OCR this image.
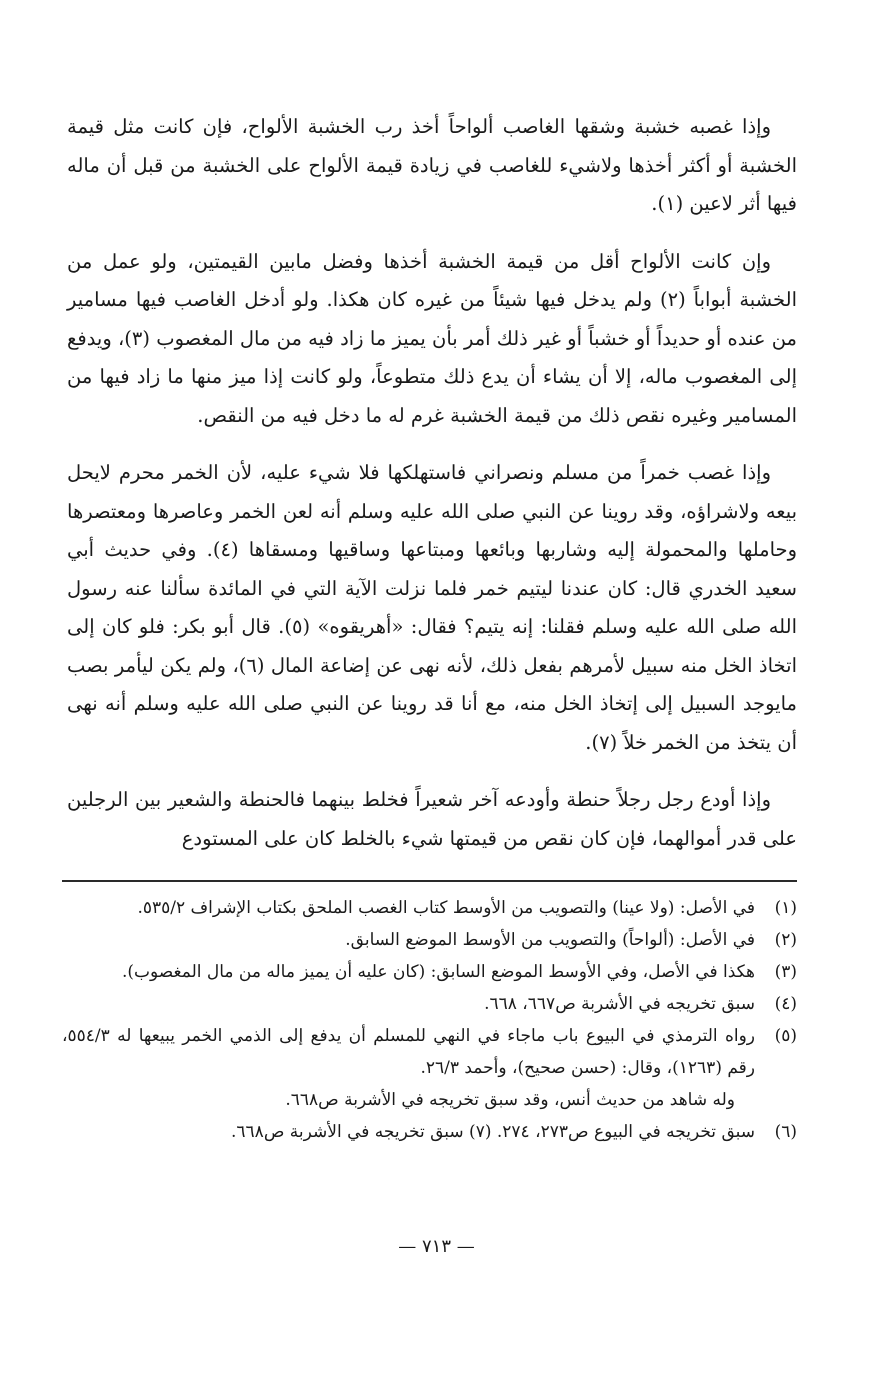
وإذا غصبه خشبة وشقها الغاصب ألواحاً أخذ رب الخشبة الألواح، فإن كانت مثل قيمة الخشبة أو أكثر أخذها ولاشيء للغاصب في زيادة قيمة الألواح على الخشبة من قبل أن ماله فيها أثر لاعين (١).

وإن كانت الألواح أقل من قيمة الخشبة أخذها وفضل مابين القيمتين، ولو عمل من الخشبة أبواباً (٢) ولم يدخل فيها شيئاً من غيره كان هكذا. ولو أدخل الغاصب فيها مسامير من عنده أو حديداً أو خشباً أو غير ذلك أمر بأن يميز ما زاد فيه من مال المغصوب (٣)، ويدفع إلى المغصوب ماله، إلا أن يشاء أن يدع ذلك متطوعاً، ولو كانت إذا ميز منها ما زاد فيها من المسامير وغيره نقص ذلك من قيمة الخشبة غرم له ما دخل فيه من النقص.

وإذا غصب خمراً من مسلم ونصراني فاستهلكها فلا شيء عليه، لأن الخمر محرم لايحل بيعه ولاشراؤه، وقد روينا عن النبي صلى الله عليه وسلم أنه لعن الخمر وعاصرها ومعتصرها وحاملها والمحمولة إليه وشاربها وبائعها ومبتاعها وساقيها ومسقاها (٤). وفي حديث أبي سعيد الخدري قال: كان عندنا ليتيم خمر فلما نزلت الآية التي في المائدة سألنا عنه رسول الله صلى الله عليه وسلم فقلنا: إنه يتيم؟ فقال: «أهريقوه» (٥). قال أبو بكر: فلو كان إلى اتخاذ الخل منه سبيل لأمرهم بفعل ذلك، لأنه نهى عن إضاعة المال (٦)، ولم يكن ليأمر بصب مايوجد السبيل إلى إتخاذ الخل منه، مع أنا قد روينا عن النبي صلى الله عليه وسلم أنه نهى أن يتخذ من الخمر خلاً (٧).

وإذا أودع رجل رجلاً حنطة وأودعه آخر شعيراً فخلط بينهما فالحنطة والشعير بين الرجلين على قدر أموالهما، فإن كان نقص من قيمتها شيء بالخلط كان على المستودع

(١)
في الأصل: (ولا عينا) والتصويب من الأوسط كتاب الغصب الملحق بكتاب الإشراف ٥٣٥/٢.
(٢)
في الأصل: (ألواحاً) والتصويب من الأوسط الموضع السابق.
(٣)
هكذا في الأصل، وفي الأوسط الموضع السابق: (كان عليه أن يميز ماله من مال المغصوب).
(٤)
سبق تخريجه في الأشربة ص٦٦٧، ٦٦٨.
(٥)
رواه الترمذي في البيوع باب ماجاء في النهي للمسلم أن يدفع إلى الذمي الخمر يبيعها له ٥٥٤/٣، رقم (١٢٦٣)، وقال: (حسن صحيح)، وأحمد ٢٦/٣.
وله شاهد من حديث أنس، وقد سبق تخريجه في الأشربة ص٦٦٨.
(٦)
سبق تخريجه في البيوع ص٢٧٣، ٢٧٤. (٧) سبق تخريجه في الأشربة ص٦٦٨.
— ٧١٣ —
